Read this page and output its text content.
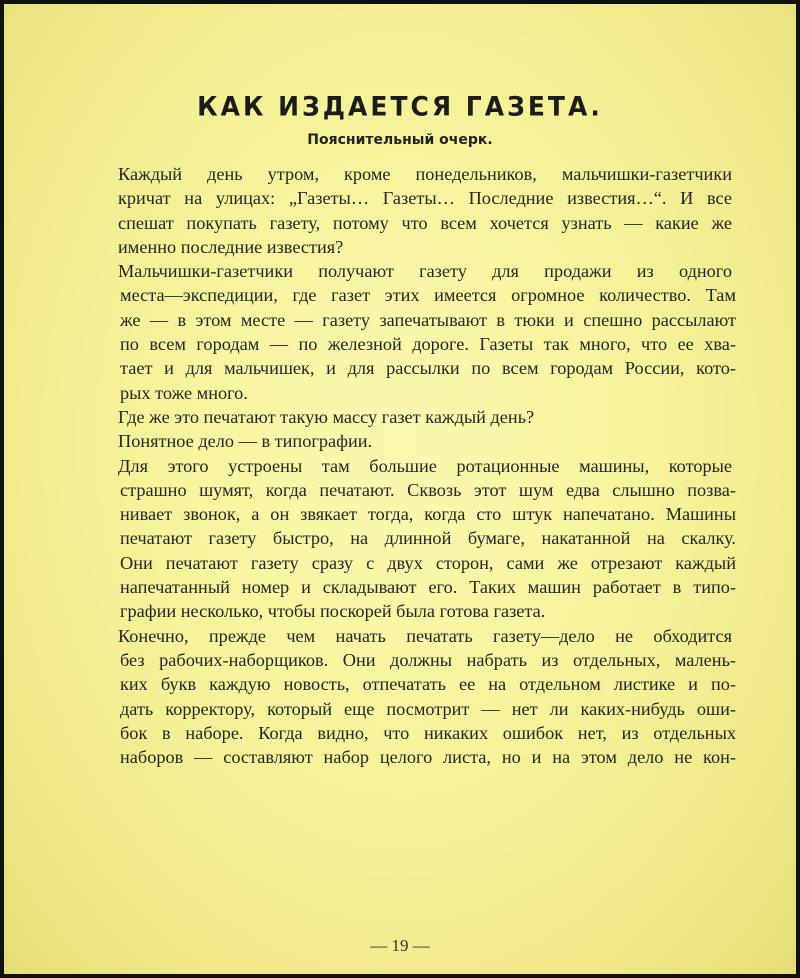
КАК ИЗДАЕТСЯ ГАЗЕТА.
Пояснительный очерк.
Каждый день утром, кроме понедельников, мальчишки-газетчики
кричат на улицах: „Газеты… Газеты… Последние известия…“. И все
спешат покупать газету, потому что всем хочется узнать — какие же
именно последние известия?
Мальчишки-газетчики получают газету для продажи из одного
места—экспедиции, где газет этих имеется огромное количество. Там
же — в этом месте — газету запечатывают в тюки и спешно рассылают
по всем городам — по железной дороге. Газеты так много, что ее хва-
тает и для мальчишек, и для рассылки по всем городам России, кото-
рых тоже много.
Где же это печатают такую массу газет каждый день?
Понятное дело — в типографии.
Для этого устроены там большие ротационные машины, которые
страшно шумят, когда печатают. Сквозь этот шум едва слышно позва-
нивает звонок, а он звякает тогда, когда сто штук напечатано. Машины
печатают газету быстро, на длинной бумаге, накатанной на скалку.
Они печатают газету сразу с двух сторон, сами же отрезают каждый
напечатанный номер и складывают его. Таких машин работает в типо-
графии несколько, чтобы поскорей была готова газета.
Конечно, прежде чем начать печатать газету—дело не обходится
без рабочих-наборщиков. Они должны набрать из отдельных, малень-
ких букв каждую новость, отпечатать ее на отдельном листике и по-
дать корректору, который еще посмотрит — нет ли каких-нибудь оши-
бок в наборе. Когда видно, что никаких ошибок нет, из отдельных
наборов — составляют набор целого листа, но и на этом дело не кон-
— 19 —
